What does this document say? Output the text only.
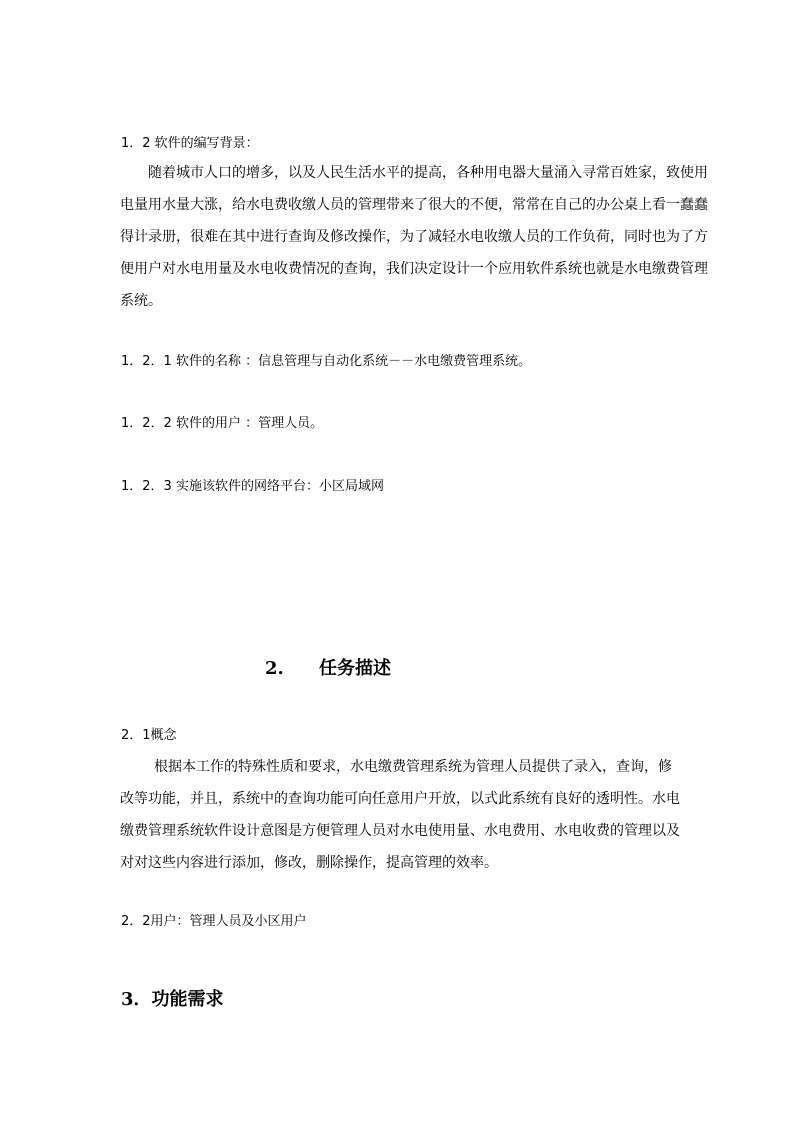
1．2 软件的编写背景：
随着城市人口的增多，以及人民生活水平的提高，各种用电器大量涌入寻常百姓家，致使用
电量用水量大涨，给水电费收缴人员的管理带来了很大的不便，常常在自己的办公桌上看一蠢蠢
得计录册，很难在其中进行查询及修改操作，为了减轻水电收缴人员的工作负荷，同时也为了方
便用户对水电用量及水电收费情况的查询，我们决定设计一个应用软件系统也就是水电缴费管理
系统。
1．2．1 软件的名称 ：信息管理与自动化系统－－水电缴费管理系统。
1．2．2 软件的用户 ：管理人员。
1．2．3 实施该软件的网络平台：小区局域网
2. 任务描述
2．1概念
根据本工作的特殊性质和要求，水电缴费管理系统为管理人员提供了录入，查询，修
改等功能，并且，系统中的查询功能可向任意用户开放，以式此系统有良好的透明性。水电
缴费管理系统软件设计意图是方便管理人员对水电使用量、水电费用、水电收费的管理以及
对对这些内容进行添加，修改，删除操作，提高管理的效率。
2．2用户：管理人员及小区用户
3．功能需求
